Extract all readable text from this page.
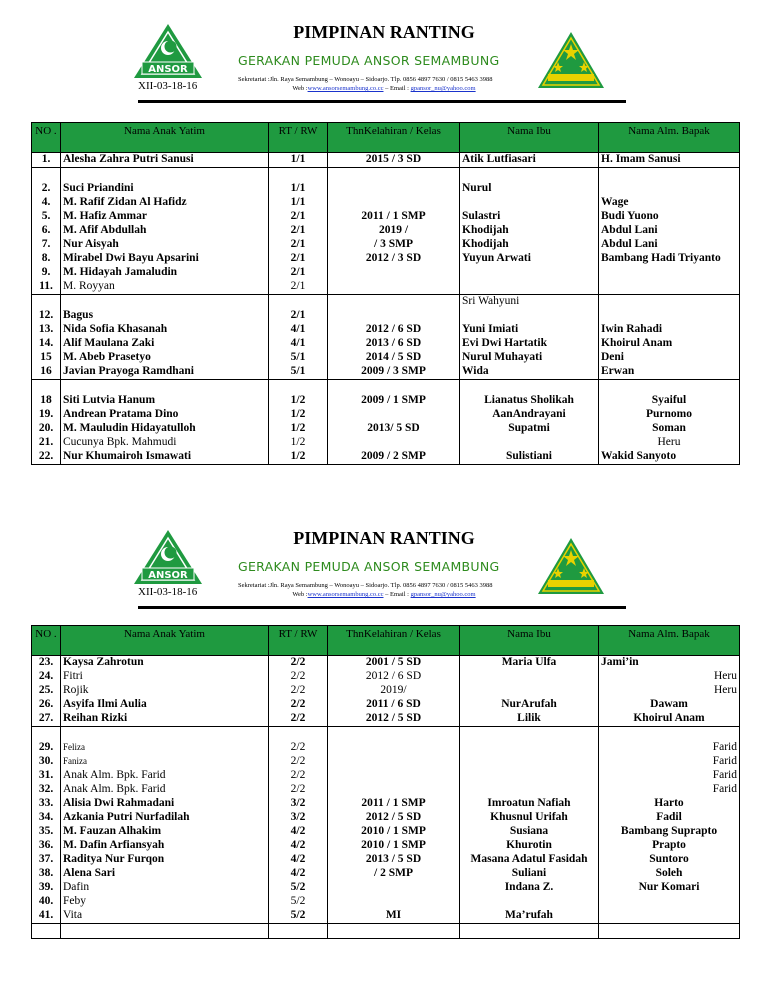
ANSOR
PIMPINAN RANTING
GERAKAN PEMUDA ANSOR SEMAMBUNG
Sekretariat :Jln. Raya Semambung – Wonoayu – Sidoarjo. Tlp. 0856 4897 7630 / 0815 5463 3988
Web :www.ansorsemambung.co.cc – Email : gpansor_nu@yahoo.com
XII-03-18-16
NO .	Nama Anak Yatim	RT / RW	ThnKelahiran / Kelas	Nama Ibu	Nama Alm. Bapak
1.	Alesha Zahra Putri Sanusi	1/1	2015 / 3 SD	Atik Lutfiasari	H. Imam Sanusi

2.	Suci Priandini	1/1		Nurul	
4.	M. Rafif Zidan Al Hafidz	1/1			Wage
5.	M. Hafiz Ammar	2/1	2011 / 1 SMP	Sulastri	Budi Yuono
6.	M. Afif Abdullah	2/1	2019 /	Khodijah	Abdul Lani
7.	Nur Aisyah	2/1	/ 3 SMP	Khodijah	Abdul Lani
8.	Mirabel Dwi Bayu Apsarini	2/1	2012 / 3 SD	Yuyun Arwati	Bambang Hadi Triyanto
9.	M. Hidayah Jamaludin	2/1			
11.	M. Royyan	2/1			
				Sri Wahyuni	
12.	Bagus	2/1			
13.	Nida Sofia Khasanah	4/1	2012 / 6 SD	Yuni Imiati	Iwin Rahadi
14.	Alif Maulana Zaki	4/1	2013 / 6 SD	Evi Dwi Hartatik	Khoirul Anam
15	M. Abeb Prasetyo	5/1	2014 / 5 SD	Nurul Muhayati	Deni
16	Javian Prayoga Ramdhani	5/1	2009 / 3 SMP	Wida	Erwan

18	Siti Lutvia Hanum	1/2	2009 / 1 SMP	Lianatus Sholikah	Syaiful
19.	Andrean Pratama Dino	1/2		AanAndrayani	Purnomo
20.	M. Mauludin Hidayatulloh	1/2	2013/ 5 SD	Supatmi	Soman
21.	Cucunya Bpk. Mahmudi	1/2			Heru
22.	Nur Khumairoh Ismawati	1/2	2009 / 2 SMP	Sulistiani	Wakid Sanyoto
ANSOR
PIMPINAN RANTING
GERAKAN PEMUDA ANSOR SEMAMBUNG
Sekretariat :Jln. Raya Semambung – Wonoayu – Sidoarjo. Tlp. 0856 4897 7630 / 0815 5463 3988
Web :www.ansorsemambung.co.cc – Email : gpansor_nu@yahoo.com
XII-03-18-16
NO .	Nama Anak Yatim	RT / RW	ThnKelahiran / Kelas	Nama Ibu	Nama Alm. Bapak
23.	Kaysa Zahrotun	2/2	2001 / 5 SD	Maria Ulfa	Jami’in
24.	Fitri	2/2	2012 / 6 SD		Heru
25.	Rojik	2/2	2019/		Heru
26.	Asyifa Ilmi Aulia	2/2	2011 / 6 SD	NurArufah	Dawam
27.	Reihan Rizki	2/2	2012 / 5 SD	Lilik	Khoirul Anam

29.	Feliza	2/2			Farid
30.	Faniza	2/2			Farid
31.	Anak Alm. Bpk. Farid	2/2			Farid
32.	Anak Alm. Bpk. Farid	2/2			Farid
33.	Alisia Dwi Rahmadani	3/2	2011 / 1 SMP	Imroatun Nafiah	Harto
34.	Azkania Putri Nurfadilah	3/2	2012 / 5 SD	Khusnul Urifah	Fadil
35.	M. Fauzan Alhakim	4/2	2010 / 1 SMP	Susiana	Bambang Suprapto
36.	M. Dafin Arfiansyah	4/2	2010 / 1 SMP	Khurotin	Prapto
37.	Raditya Nur Furqon	4/2	2013 / 5 SD	Masana Adatul Fasidah	Suntoro
38.	Alena Sari	4/2	/ 2 SMP	Suliani	Soleh
39.	Dafin	5/2		Indana Z.	Nur Komari
40.	Feby	5/2			
41.	Vita	5/2	MI	Ma’rufah	
